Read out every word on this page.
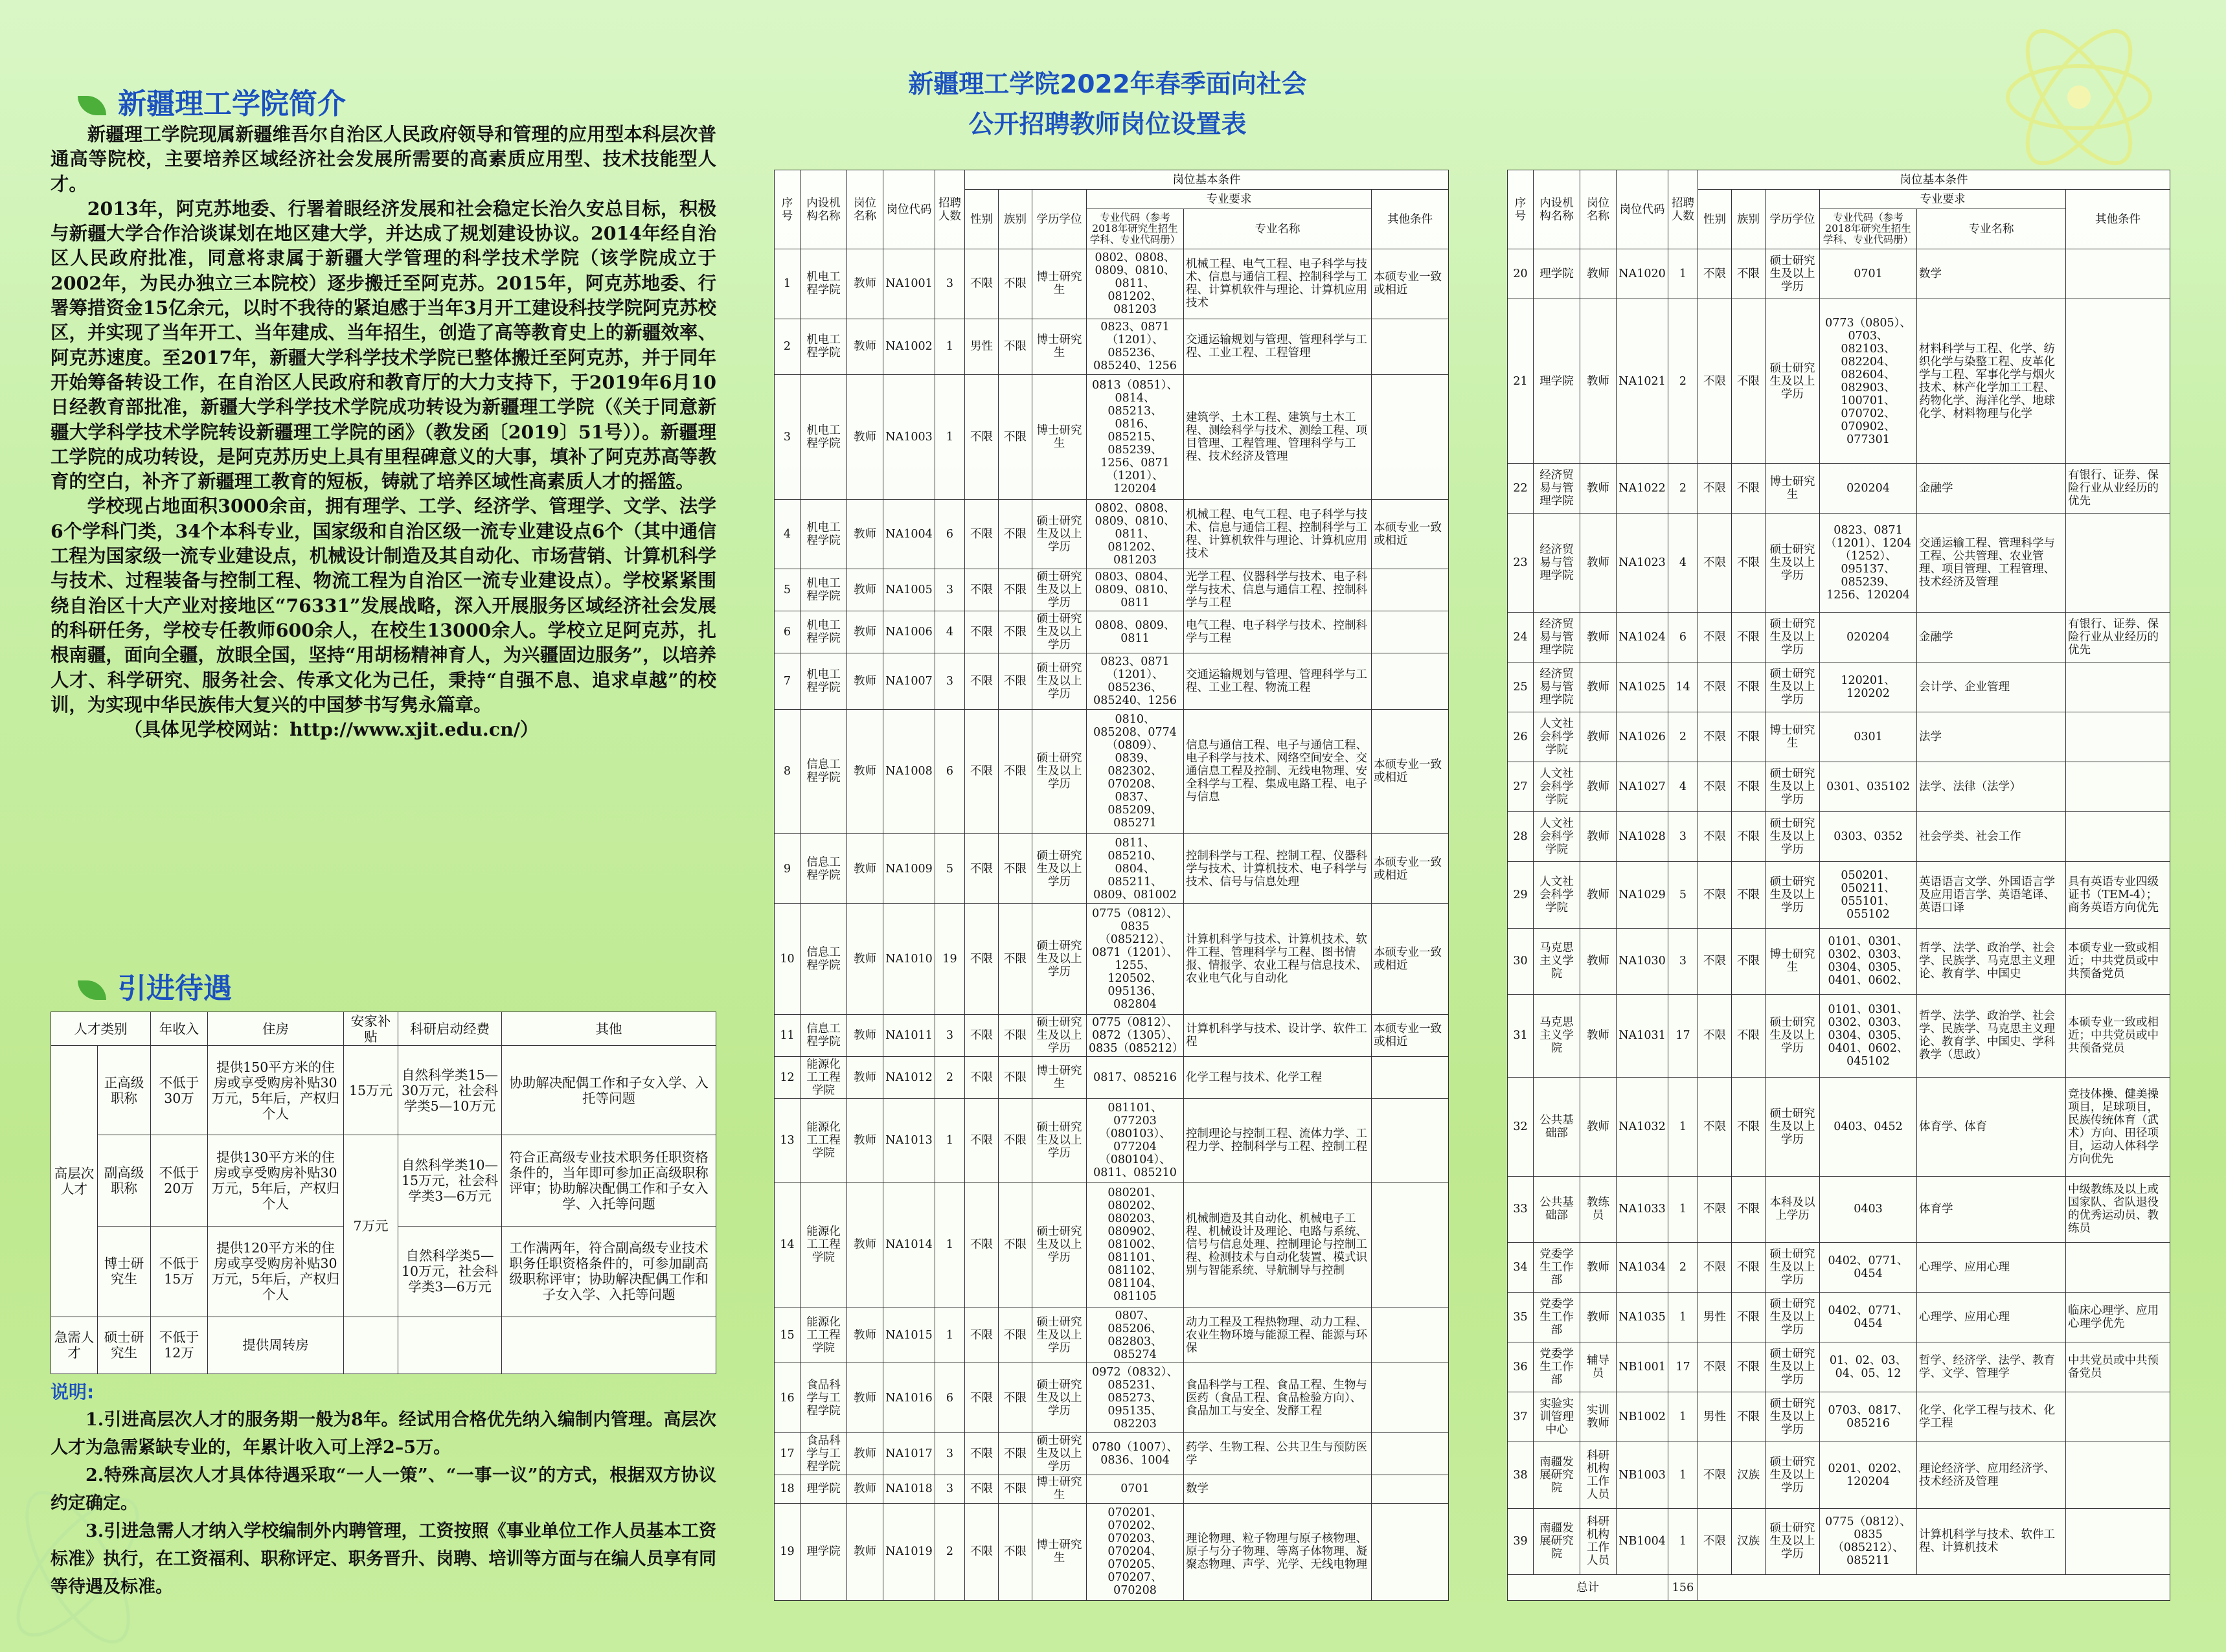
新疆理工学院简介

新疆理工学院现属新疆维吾尔自治区人民政府领导和管理的应用型本科层次普通高等院校，主要培养区域经济社会发展所需要的高素质应用型、技术技能型人才。

2013年，阿克苏地委、行署着眼经济发展和社会稳定长治久安总目标，积极与新疆大学合作洽谈谋划在地区建大学，并达成了规划建设协议。2014年经自治区人民政府批准，同意将隶属于新疆大学管理的科学技术学院（该学院成立于2002年，为民办独立三本院校）逐步搬迁至阿克苏。2015年，阿克苏地委、行署筹措资金15亿余元，以时不我待的紧迫感于当年3月开工建设科技学院阿克苏校区，并实现了当年开工、当年建成、当年招生，创造了高等教育史上的新疆效率、阿克苏速度。至2017年，新疆大学科学技术学院已整体搬迁至阿克苏，并于同年开始筹备转设工作，在自治区人民政府和教育厅的大力支持下，于2019年6月10日经教育部批准，新疆大学科学技术学院成功转设为新疆理工学院（《关于同意新疆大学科学技术学院转设新疆理工学院的函》（教发函〔2019〕51号））。新疆理工学院的成功转设，是阿克苏历史上具有里程碑意义的大事，填补了阿克苏高等教育的空白，补齐了新疆理工教育的短板，铸就了培养区域性高素质人才的摇篮。

学校现占地面积3000余亩，拥有理学、工学、经济学、管理学、文学、法学6个学科门类，34个本科专业，国家级和自治区级一流专业建设点6个（其中通信工程为国家级一流专业建设点，机械设计制造及其自动化、市场营销、计算机科学与技术、过程装备与控制工程、物流工程为自治区一流专业建设点）。学校紧紧围绕自治区十大产业对接地区“76331”发展战略，深入开展服务区域经济社会发展的科研任务，学校专任教师600余人，在校生13000余人。学校立足阿克苏，扎根南疆，面向全疆，放眼全国，坚持“用胡杨精神育人，为兴疆固边服务”，以培养人才、科学研究、服务社会、传承文化为己任，秉持“自强不息、追求卓越”的校训，为实现中华民族伟大复兴的中国梦书写隽永篇章。

（具体见学校网站：http://www.xjit.edu.cn/）

引进待遇
人才类别		年收入	住房	安家补贴	科研启动经费	其他
高层次人才	正高级职称	不低于30万	提供150平方米的住房或享受购房补贴30万元，5年后，产权归个人	15万元	自然科学类15—30万元，社会科学类5—10万元	协助解决配偶工作和子女入学、入托等问题
	副高级职称	不低于20万	提供130平方米的住房或享受购房补贴30万元，5年后，产权归个人	7万元	自然科学类10—15万元，社会科学类3—6万元	符合正高级专业技术职务任职资格条件的，当年即可参加正高级职称评审；协助解决配偶工作和子女入学、入托等问题
	博士研究生	不低于15万	提供120平方米的住房或享受购房补贴30万元，5年后，产权归个人		自然科学类5—10万元，社会科学类3—6万元	工作满两年，符合副高级专业技术职务任职资格条件的，可参加副高级职称评审；协助解决配偶工作和子女入学、入托等问题
急需人才	硕士研究生	不低于12万	提供周转房			
说明:

1.引进高层次人才的服务期一般为8年。经试用合格优先纳入编制内管理。高层次人才为急需紧缺专业的，年累计收入可上浮2–5万。

2.特殊高层次人才具体待遇采取“一人一策”、“一事一议”的方式，根据双方协议约定确定。

3.引进急需人才纳入学校编制外内聘管理，工资按照《事业单位工作人员基本工资标准》执行，在工资福利、职称评定、职务晋升、岗聘、培训等方面与在编人员享有同等待遇及标准。

新疆理工学院2022年春季面向社会
公开招聘教师岗位设置表
序号	内设机构名称	岗位名称	岗位代码	招聘人数	岗位基本条件					
					性别	族别	学历学位	专业要求		其他条件
								专业代码（参考2018年研究生招生学科、专业代码册）	专业名称	
1	机电工程学院	教师	NA1001	3	不限	不限	博士研究生	0802、0808、0809、0810、0811、081202、081203	机械工程、电气工程、电子科学与技术、信息与通信工程、控制科学与工程、计算机软件与理论、计算机应用技术	本硕专业一致或相近
2	机电工程学院	教师	NA1002	1	男性	不限	博士研究生	0823、0871（1201）、085236、085240、1256	交通运输规划与管理、管理科学与工程、工业工程、工程管理	
3	机电工程学院	教师	NA1003	1	不限	不限	博士研究生	0813（0851）、0814、085213、0816、085215、085239、1256、0871（1201）、120204	建筑学、土木工程、建筑与土木工程、测绘科学与技术、测绘工程、项目管理、工程管理、管理科学与工程、技术经济及管理	
4	机电工程学院	教师	NA1004	6	不限	不限	硕士研究生及以上学历	0802、0808、0809、0810、0811、081202、081203	机械工程、电气工程、电子科学与技术、信息与通信工程、控制科学与工程、计算机软件与理论、计算机应用技术	本硕专业一致或相近
5	机电工程学院	教师	NA1005	3	不限	不限	硕士研究生及以上学历	0803、0804、0809、0810、0811	光学工程、仪器科学与技术、电子科学与技术、信息与通信工程、控制科学与工程	
6	机电工程学院	教师	NA1006	4	不限	不限	硕士研究生及以上学历	0808、0809、0811	电气工程、电子科学与技术、控制科学与工程	
7	机电工程学院	教师	NA1007	3	不限	不限	硕士研究生及以上学历	0823、0871（1201）、085236、085240、1256	交通运输规划与管理、管理科学与工程、工业工程、物流工程	
8	信息工程学院	教师	NA1008	6	不限	不限	硕士研究生及以上学历	0810、085208、0774（0809）、0839、082302、070208、0837、085209、085271	信息与通信工程、电子与通信工程、电子科学与技术、网络空间安全、交通信息工程及控制、无线电物理、安全科学与工程、集成电路工程、电子与信息	本硕专业一致或相近
9	信息工程学院	教师	NA1009	5	不限	不限	硕士研究生及以上学历	0811、085210、0804、085211、0809、081002	控制科学与工程、控制工程、仪器科学与技术、计算机技术、电子科学与技术、信号与信息处理	本硕专业一致或相近
10	信息工程学院	教师	NA1010	19	不限	不限	硕士研究生及以上学历	0775（0812）、0835（085212）、0871（1201）、1255、120502、095136、082804	计算机科学与技术、计算机技术、软件工程、管理科学与工程、图书情报、情报学、农业工程与信息技术、农业电气化与自动化	本硕专业一致或相近
11	信息工程学院	教师	NA1011	3	不限	不限	硕士研究生及以上学历	0775（0812）、0872（1305）、0835（085212）	计算机科学与技术、设计学、软件工程	本硕专业一致或相近
12	能源化工工程学院	教师	NA1012	2	不限	不限	博士研究生	0817、085216	化学工程与技术、化学工程	
13	能源化工工程学院	教师	NA1013	1	不限	不限	硕士研究生及以上学历	081101、077203（080103）、077204（080104）、0811、085210	控制理论与控制工程、流体力学、工程力学、控制科学与工程、控制工程	
14	能源化工工程学院	教师	NA1014	1	不限	不限	硕士研究生及以上学历	080201、080202、080203、080902、081002、081101、081102、081104、081105	机械制造及其自动化、机械电子工程、机械设计及理论、电路与系统、信号与信息处理、控制理论与控制工程、检测技术与自动化装置、模式识别与智能系统、导航制导与控制	
15	能源化工工程学院	教师	NA1015	1	不限	不限	硕士研究生及以上学历	0807、085206、082803、085274	动力工程及工程热物理、动力工程、农业生物环境与能源工程、能源与环保	
16	食品科学与工程学院	教师	NA1016	6	不限	不限	硕士研究生及以上学历	0972（0832）、085231、085273、095135、082203	食品科学与工程、食品工程、生物与医药（食品工程、食品检验方向）、食品加工与安全、发酵工程	
17	食品科学与工程学院	教师	NA1017	3	不限	不限	硕士研究生及以上学历	0780（1007）、0836、1004	药学、生物工程、公共卫生与预防医学	
18	理学院	教师	NA1018	3	不限	不限	博士研究生	0701	数学	
19	理学院	教师	NA1019	2	不限	不限	博士研究生	070201、070202、070203、070204、070205、070207、070208	理论物理、粒子物理与原子核物理、原子与分子物理、等离子体物理、凝聚态物理、声学、光学、无线电物理	
序号	内设机构名称	岗位名称	岗位代码	招聘人数	岗位基本条件					
					性别	族别	学历学位	专业要求		其他条件
								专业代码（参考2018年研究生招生学科、专业代码册）	专业名称	
20	理学院	教师	NA1020	1	不限	不限	硕士研究生及以上学历	0701	数学	
21	理学院	教师	NA1021	2	不限	不限	硕士研究生及以上学历	0773（0805）、0703、082103、082204、082604、082903、100701、070702、070902、077301	材料科学与工程、化学、纺织化学与染整工程、皮革化学与工程、军事化学与烟火技术、林产化学加工工程、药物化学、海洋化学、地球化学、材料物理与化学	
22	经济贸易与管理学院	教师	NA1022	2	不限	不限	博士研究生	020204	金融学	有银行、证券、保险行业从业经历的优先
23	经济贸易与管理学院	教师	NA1023	4	不限	不限	硕士研究生及以上学历	0823、0871（1201）、1204（1252）、095137、085239、1256、120204	交通运输工程、管理科学与工程、公共管理、农业管理、项目管理、工程管理、技术经济及管理	
24	经济贸易与管理学院	教师	NA1024	6	不限	不限	硕士研究生及以上学历	020204	金融学	有银行、证券、保险行业从业经历的优先
25	经济贸易与管理学院	教师	NA1025	14	不限	不限	硕士研究生及以上学历	120201、120202	会计学、企业管理	
26	人文社会科学学院	教师	NA1026	2	不限	不限	博士研究生	0301	法学	
27	人文社会科学学院	教师	NA1027	4	不限	不限	硕士研究生及以上学历	0301、035102	法学、法律（法学）	
28	人文社会科学学院	教师	NA1028	3	不限	不限	硕士研究生及以上学历	0303、0352	社会学类、社会工作	
29	人文社会科学学院	教师	NA1029	5	不限	不限	硕士研究生及以上学历	050201、050211、055101、055102	英语语言文学、外国语言学及应用语言学、英语笔译、英语口译	具有英语专业四级证书（TEM-4）；商务英语方向优先
30	马克思主义学院	教师	NA1030	3	不限	不限	博士研究生	0101、0301、0302、0303、0304、0305、0401、0602、	哲学、法学、政治学、社会学、民族学、马克思主义理论、教育学、中国史	本硕专业一致或相近；中共党员或中共预备党员
31	马克思主义学院	教师	NA1031	17	不限	不限	硕士研究生及以上学历	0101、0301、0302、0303、0304、0305、0401、0602、045102	哲学、法学、政治学、社会学、民族学、马克思主义理论、教育学、中国史、学科教学（思政）	本硕专业一致或相近；中共党员或中共预备党员
32	公共基础部	教师	NA1032	1	不限	不限	硕士研究生及以上学历	0403、0452	体育学、体育	竞技体操、健美操项目，足球项目，民族传统体育（武术）方向、田径项目，运动人体科学方向优先
33	公共基础部	教练员	NA1033	1	不限	不限	本科及以上学历	0403	体育学	中级教练及以上或国家队、省队退役的优秀运动员、教练员
34	党委学生工作部	教师	NA1034	2	不限	不限	硕士研究生及以上学历	0402、0771、0454	心理学、应用心理	
35	党委学生工作部	教师	NA1035	1	男性	不限	硕士研究生及以上学历	0402、0771、0454	心理学、应用心理	临床心理学、应用心理学优先
36	党委学生工作部	辅导员	NB1001	17	不限	不限	硕士研究生及以上学历	01、02、03、04、05、12	哲学、经济学、法学、教育学、文学、管理学	中共党员或中共预备党员
37	实验实训管理中心	实训教师	NB1002	1	男性	不限	硕士研究生及以上学历	0703、0817、085216	化学、化学工程与技术、化学工程	
38	南疆发展研究院	科研机构工作人员	NB1003	1	不限	汉族	硕士研究生及以上学历	0201、0202、120204	理论经济学、应用经济学、技术经济及管理	
39	南疆发展研究院	科研机构工作人员	NB1004	1	不限	汉族	硕士研究生及以上学历	0775（0812）、0835（085212）、085211	计算机科学与技术、软件工程、计算机技术	
总计				156						
